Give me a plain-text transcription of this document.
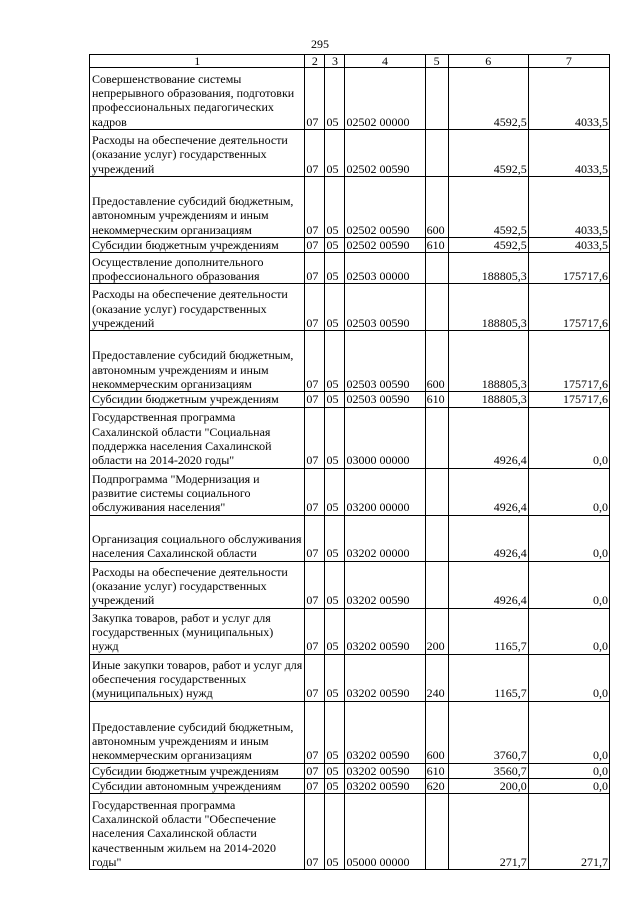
295
1	2	3	4	5	6	7
Совершенствование системы непрерывного образования, подготовки профессиональных педагогических кадров	07	05	02502 00000		4592,5	4033,5
Расходы на обеспечение деятельности (оказание услуг) государственных учреждений	07	05	02502 00590		4592,5	4033,5
Предоставление субсидий бюджетным, автономным учреждениям и иным некоммерческим организациям	07	05	02502 00590	600	4592,5	4033,5
Субсидии бюджетным учреждениям	07	05	02502 00590	610	4592,5	4033,5
Осуществление дополнительного профессионального образования	07	05	02503 00000		188805,3	175717,6
Расходы на обеспечение деятельности (оказание услуг) государственных учреждений	07	05	02503 00590		188805,3	175717,6
Предоставление субсидий бюджетным, автономным учреждениям и иным некоммерческим организациям	07	05	02503 00590	600	188805,3	175717,6
Субсидии бюджетным учреждениям	07	05	02503 00590	610	188805,3	175717,6
Государственная программа Сахалинской области "Социальная поддержка населения Сахалинской области на 2014-2020 годы"	07	05	03000 00000		4926,4	0,0
Подпрограмма "Модернизация и развитие системы социального обслуживания населения"	07	05	03200 00000		4926,4	0,0
Организация социального обслуживания населения Сахалинской области	07	05	03202 00000		4926,4	0,0
Расходы на обеспечение деятельности (оказание услуг) государственных учреждений	07	05	03202 00590		4926,4	0,0
Закупка товаров, работ и услуг для государственных (муниципальных) нужд	07	05	03202 00590	200	1165,7	0,0
Иные закупки товаров, работ и услуг для обеспечения государственных (муниципальных) нужд	07	05	03202 00590	240	1165,7	0,0
Предоставление субсидий бюджетным, автономным учреждениям и иным некоммерческим организациям	07	05	03202 00590	600	3760,7	0,0
Субсидии бюджетным учреждениям	07	05	03202 00590	610	3560,7	0,0
Субсидии автономным учреждениям	07	05	03202 00590	620	200,0	0,0
Государственная программа Сахалинской области "Обеспечение населения Сахалинской области качественным жильем на 2014-2020 годы"	07	05	05000 00000		271,7	271,7
